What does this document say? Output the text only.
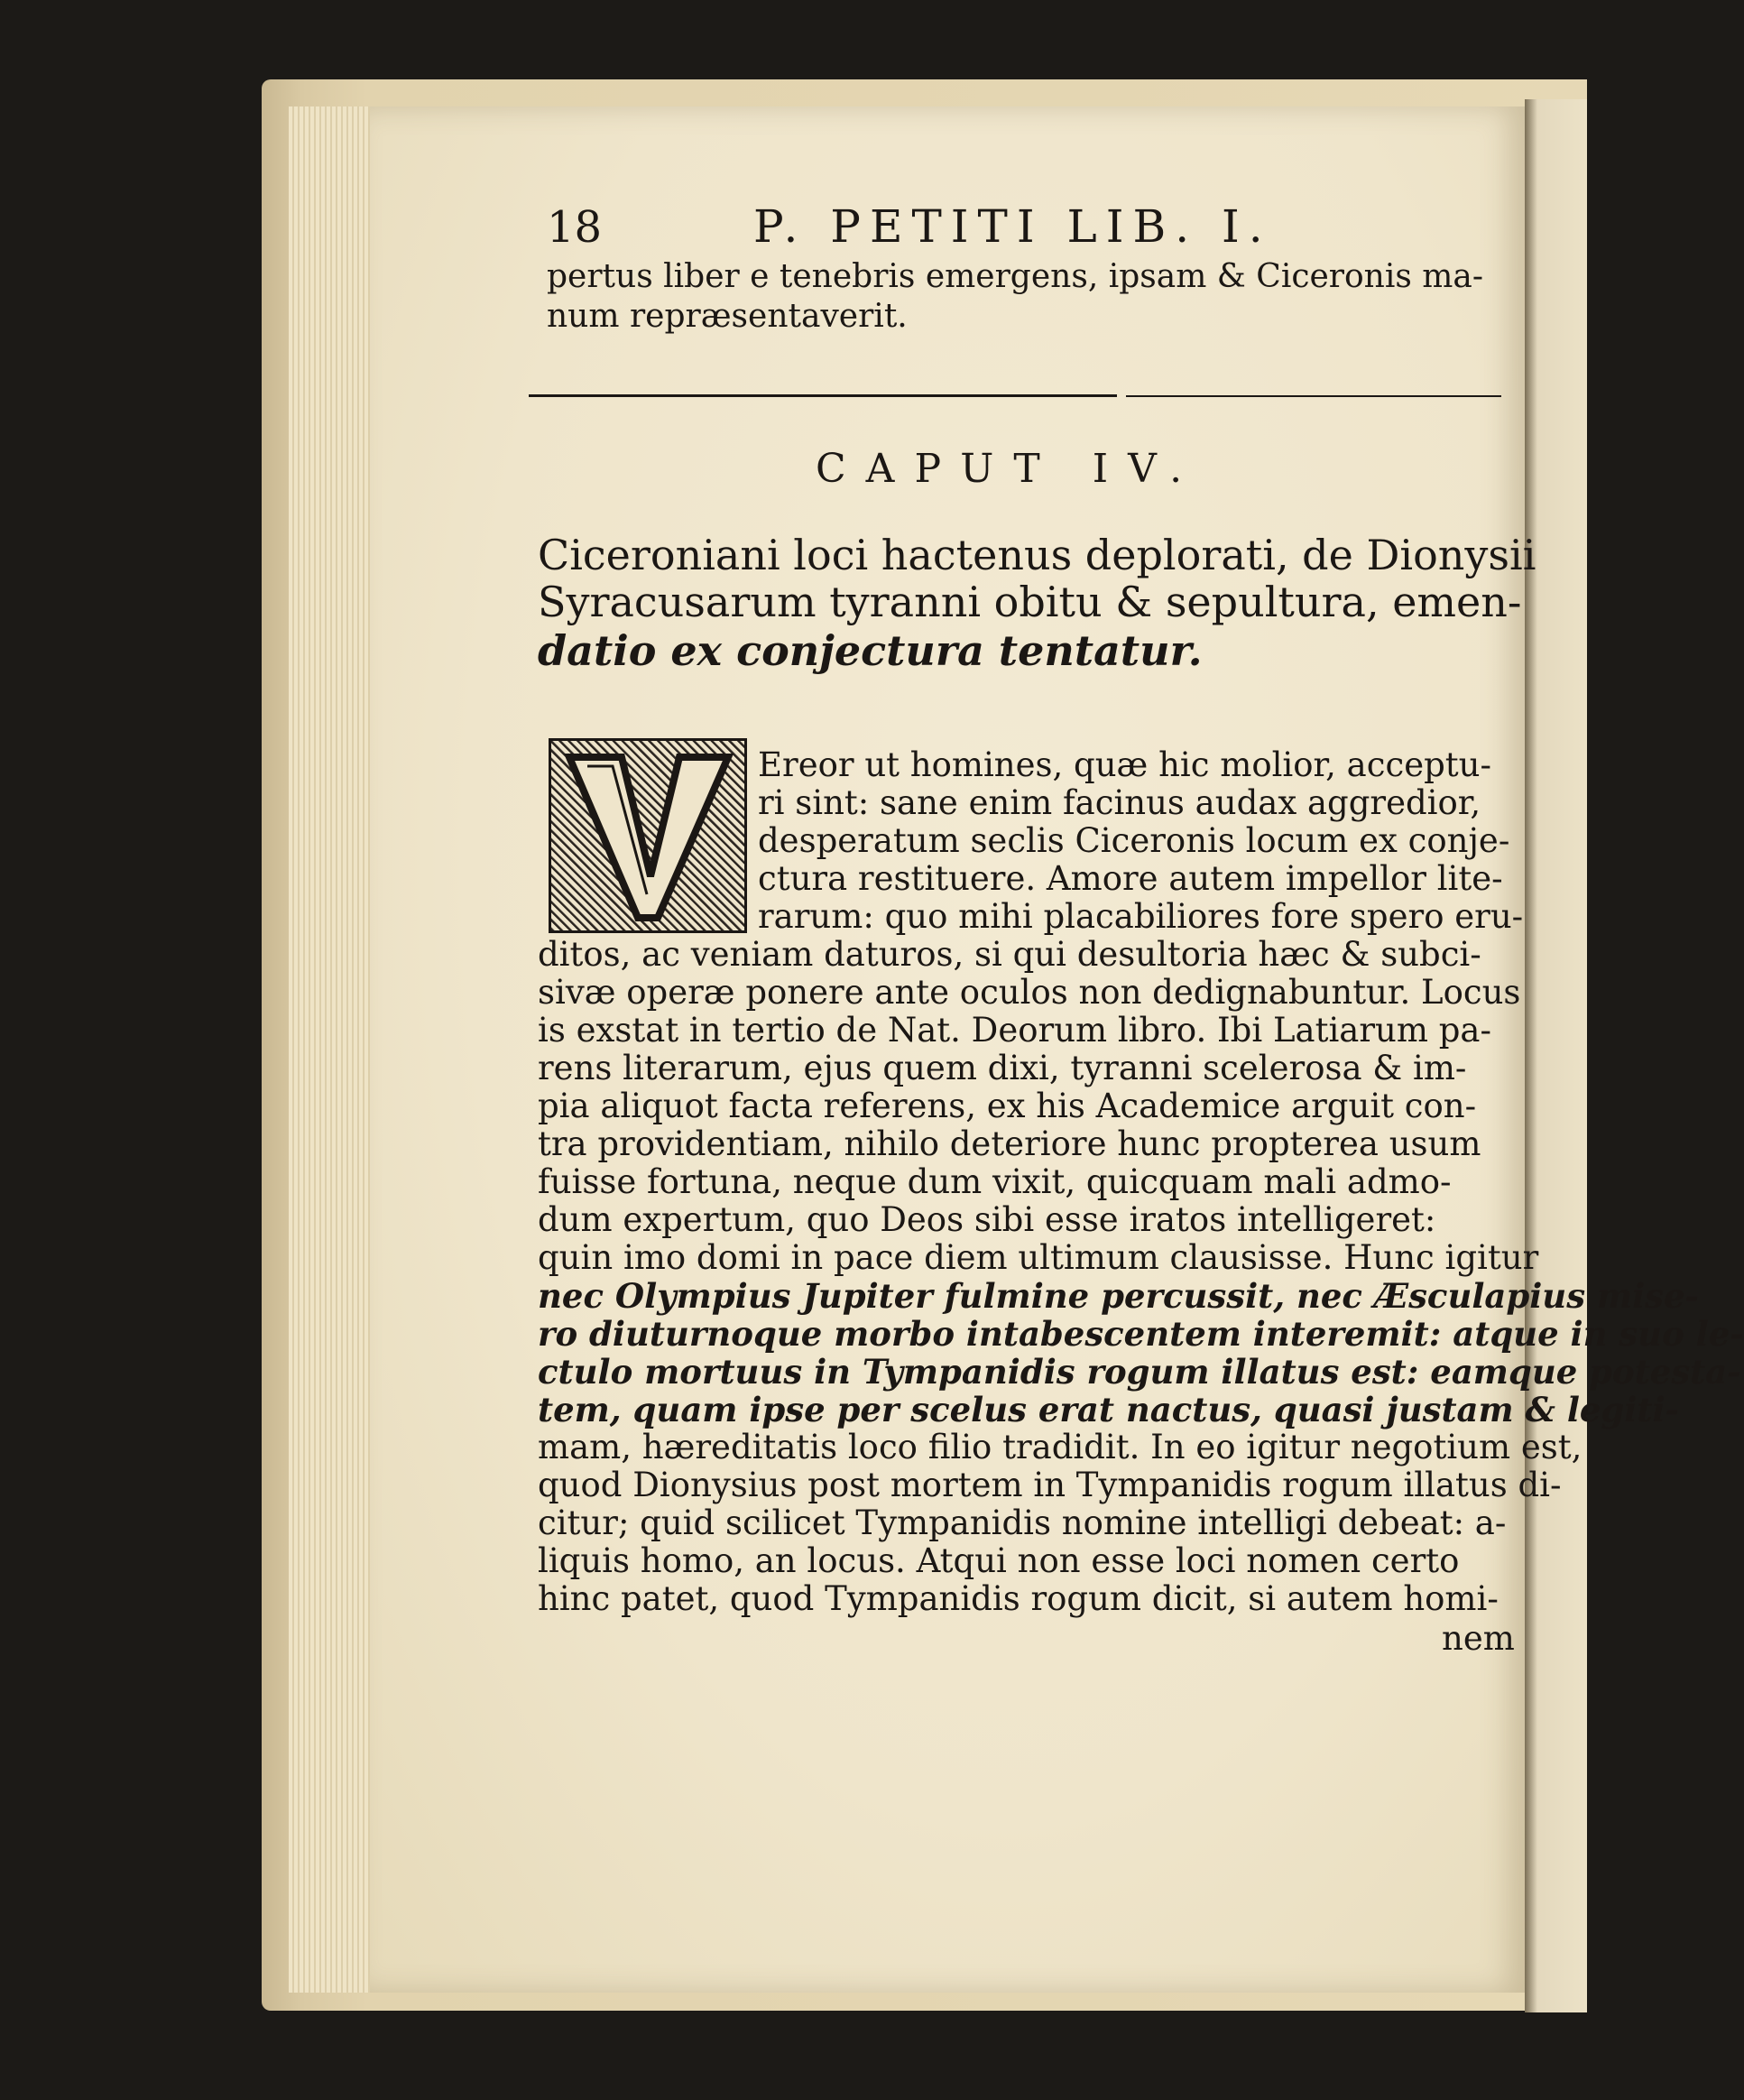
18	P. PETITI LIB. I.
pertus liber e tenebris emergens, ipsam & Ciceronis ma-
num repræsentaverit.
CAPUT IV.
Ciceroniani loci hactenus deplorati, de Dionysii
Syracusarum tyranni obitu & sepultura, emen-
datio ex conjectura tentatur.
Ereor ut homines, quæ hic molior, acceptu-
ri sint: sane enim facinus audax aggredior,
desperatum seclis Ciceronis locum ex conje-
ctura restituere. Amore autem impellor lite-
rarum: quo mihi placabiliores fore spero eru-
ditos, ac veniam daturos, si qui desultoria hæc & subci-
sivæ operæ ponere ante oculos non dedignabuntur. Locus
is exstat in tertio de Nat. Deorum libro. Ibi Latiarum pa-
rens literarum, ejus quem dixi, tyranni scelerosa & im-
pia aliquot facta referens, ex his Academice arguit con-
tra providentiam, nihilo deteriore hunc propterea usum
fuisse fortuna, neque dum vixit, quicquam mali admo-
dum expertum, quo Deos sibi esse iratos intelligeret:
quin imo domi in pace diem ultimum clausisse. Hunc igitur
nec Olympius Jupiter fulmine percussit, nec Æsculapius mise-
ro diuturnoque morbo intabescentem interemit: atque in suo le-
ctulo mortuus in Tympanidis rogum illatus est: eamque potesta-
tem, quam ipse per scelus erat nactus, quasi justam & legiti-
mam, hæreditatis loco filio tradidit. In eo igitur negotium est,
quod Dionysius post mortem in Tympanidis rogum illatus di-
citur; quid scilicet Tympanidis nomine intelligi debeat: a-
liquis homo, an locus. Atqui non esse loci nomen certo
hinc patet, quod Tympanidis rogum dicit, si autem homi-
nem
